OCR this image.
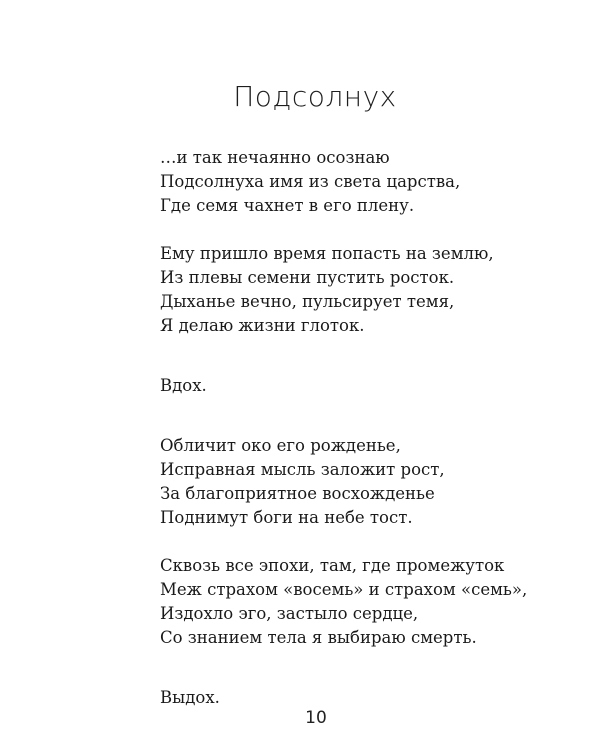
Подсолнух

…и так нечаянно осознаю
Подсолнуха имя из света царства,
Где семя чахнет в его плену.

Ему пришло время попасть на землю,
Из плевы семени пустить росток.
Дыханье вечно, пульсирует темя,
Я делаю жизни глоток.

Вдох.

Обличит око его рожденье,
Исправная мысль заложит рост,
За благоприятное восхожденье
Поднимут боги на небе тост.

Сквозь все эпохи, там, где промежуток
Меж страхом «восемь» и страхом «семь»,
Издохло эго, застыло сердце,
Со знанием тела я выбираю смерть.

Выдох.

10
